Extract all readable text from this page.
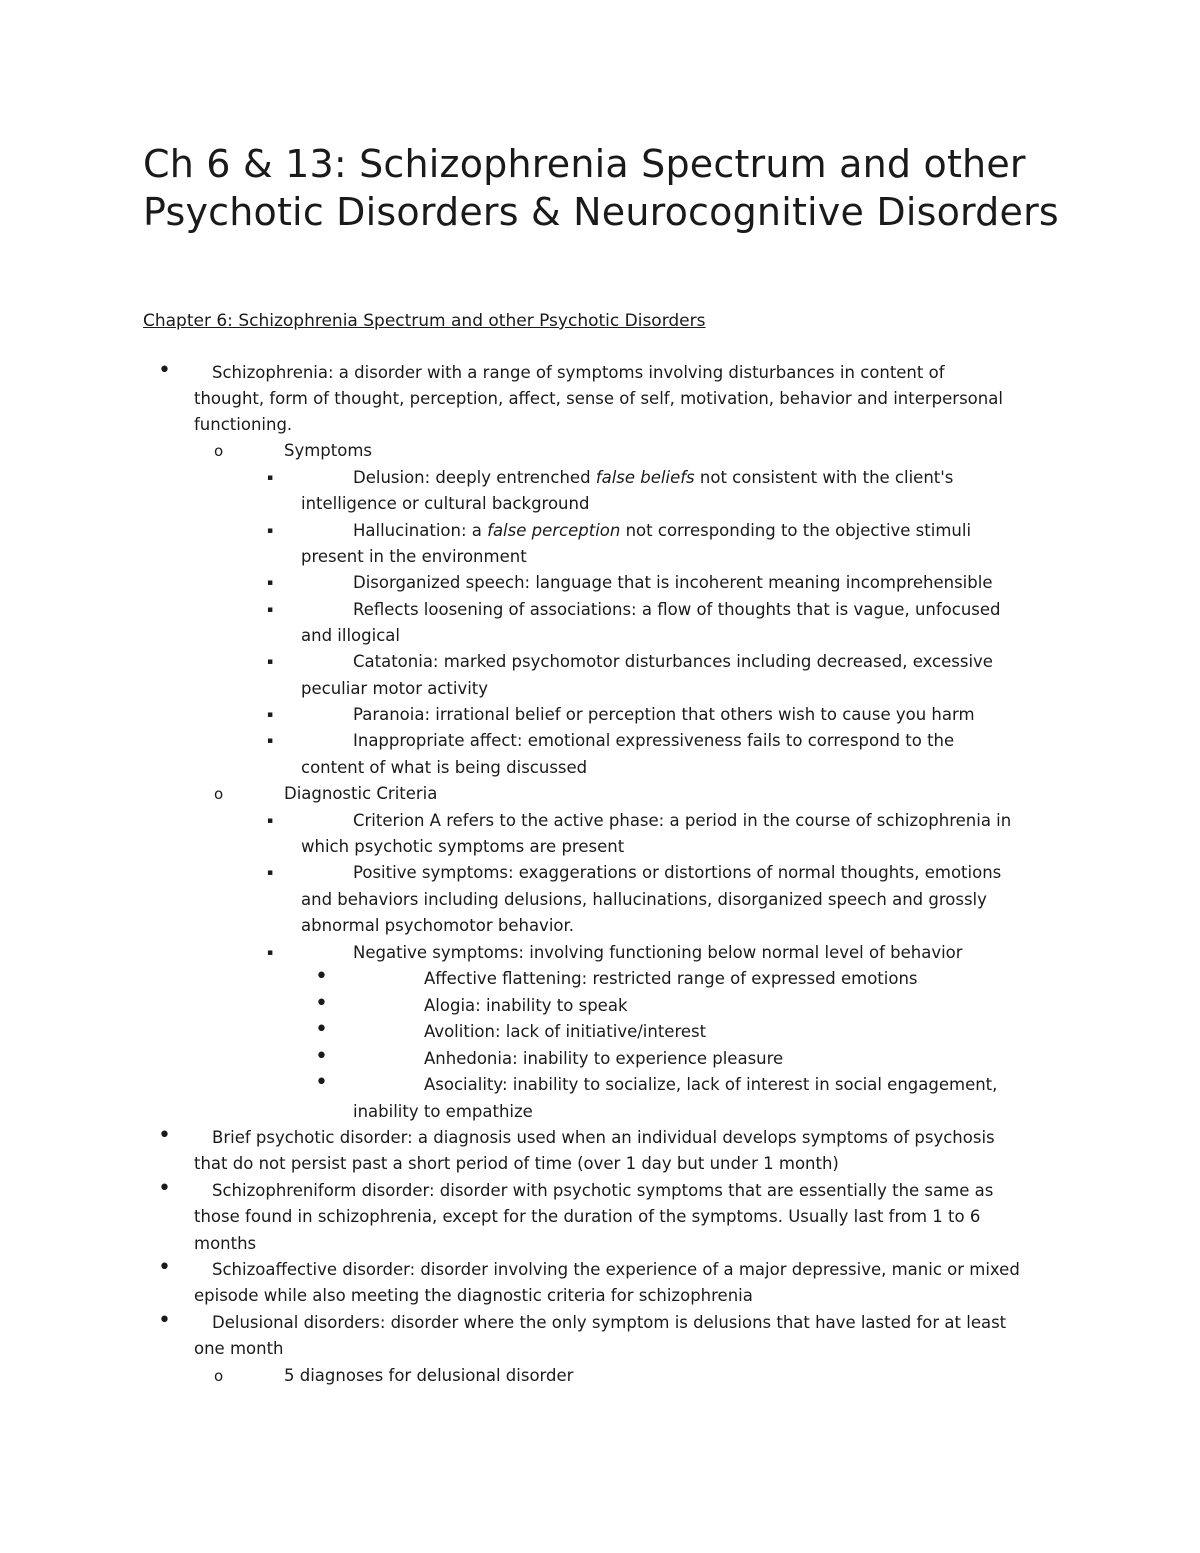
Ch 6 & 13: Schizophrenia Spectrum and other Psychotic Disorders & Neurocognitive Disorders
Chapter 6: Schizophrenia Spectrum and other Psychotic Disorders
• Schizophrenia: a disorder with a range of symptoms involving disturbances in content of
thought, form of thought, perception, affect, sense of self, motivation, behavior and interpersonal
functioning.
o	Symptoms
▪	Delusion: deeply entrenched false beliefs not consistent with the client's
intelligence or cultural background
▪	Hallucination: a false perception not corresponding to the objective stimuli
present in the environment
▪	Disorganized speech: language that is incoherent meaning incomprehensible
▪	Reflects loosening of associations: a flow of thoughts that is vague, unfocused
and illogical
▪	Catatonia: marked psychomotor disturbances including decreased, excessive
peculiar motor activity
▪	Paranoia: irrational belief or perception that others wish to cause you harm
▪	Inappropriate affect: emotional expressiveness fails to correspond to the
content of what is being discussed
o	Diagnostic Criteria
▪	Criterion A refers to the active phase: a period in the course of schizophrenia in
which psychotic symptoms are present
▪	Positive symptoms: exaggerations or distortions of normal thoughts, emotions
and behaviors including delusions, hallucinations, disorganized speech and grossly
abnormal psychomotor behavior.
▪	Negative symptoms: involving functioning below normal level of behavior
•	Affective flattening: restricted range of expressed emotions
•	Alogia: inability to speak
•	Avolition: lack of initiative/interest
•	Anhedonia: inability to experience pleasure
•	Asociality: inability to socialize, lack of interest in social engagement,
inability to empathize
• Brief psychotic disorder: a diagnosis used when an individual develops symptoms of psychosis
that do not persist past a short period of time (over 1 day but under 1 month)
• Schizophreniform disorder: disorder with psychotic symptoms that are essentially the same as
those found in schizophrenia, except for the duration of the symptoms. Usually last from 1 to 6
months
• Schizoaffective disorder: disorder involving the experience of a major depressive, manic or mixed
episode while also meeting the diagnostic criteria for schizophrenia
• Delusional disorders: disorder where the only symptom is delusions that have lasted for at least
one month
o	5 diagnoses for delusional disorder
